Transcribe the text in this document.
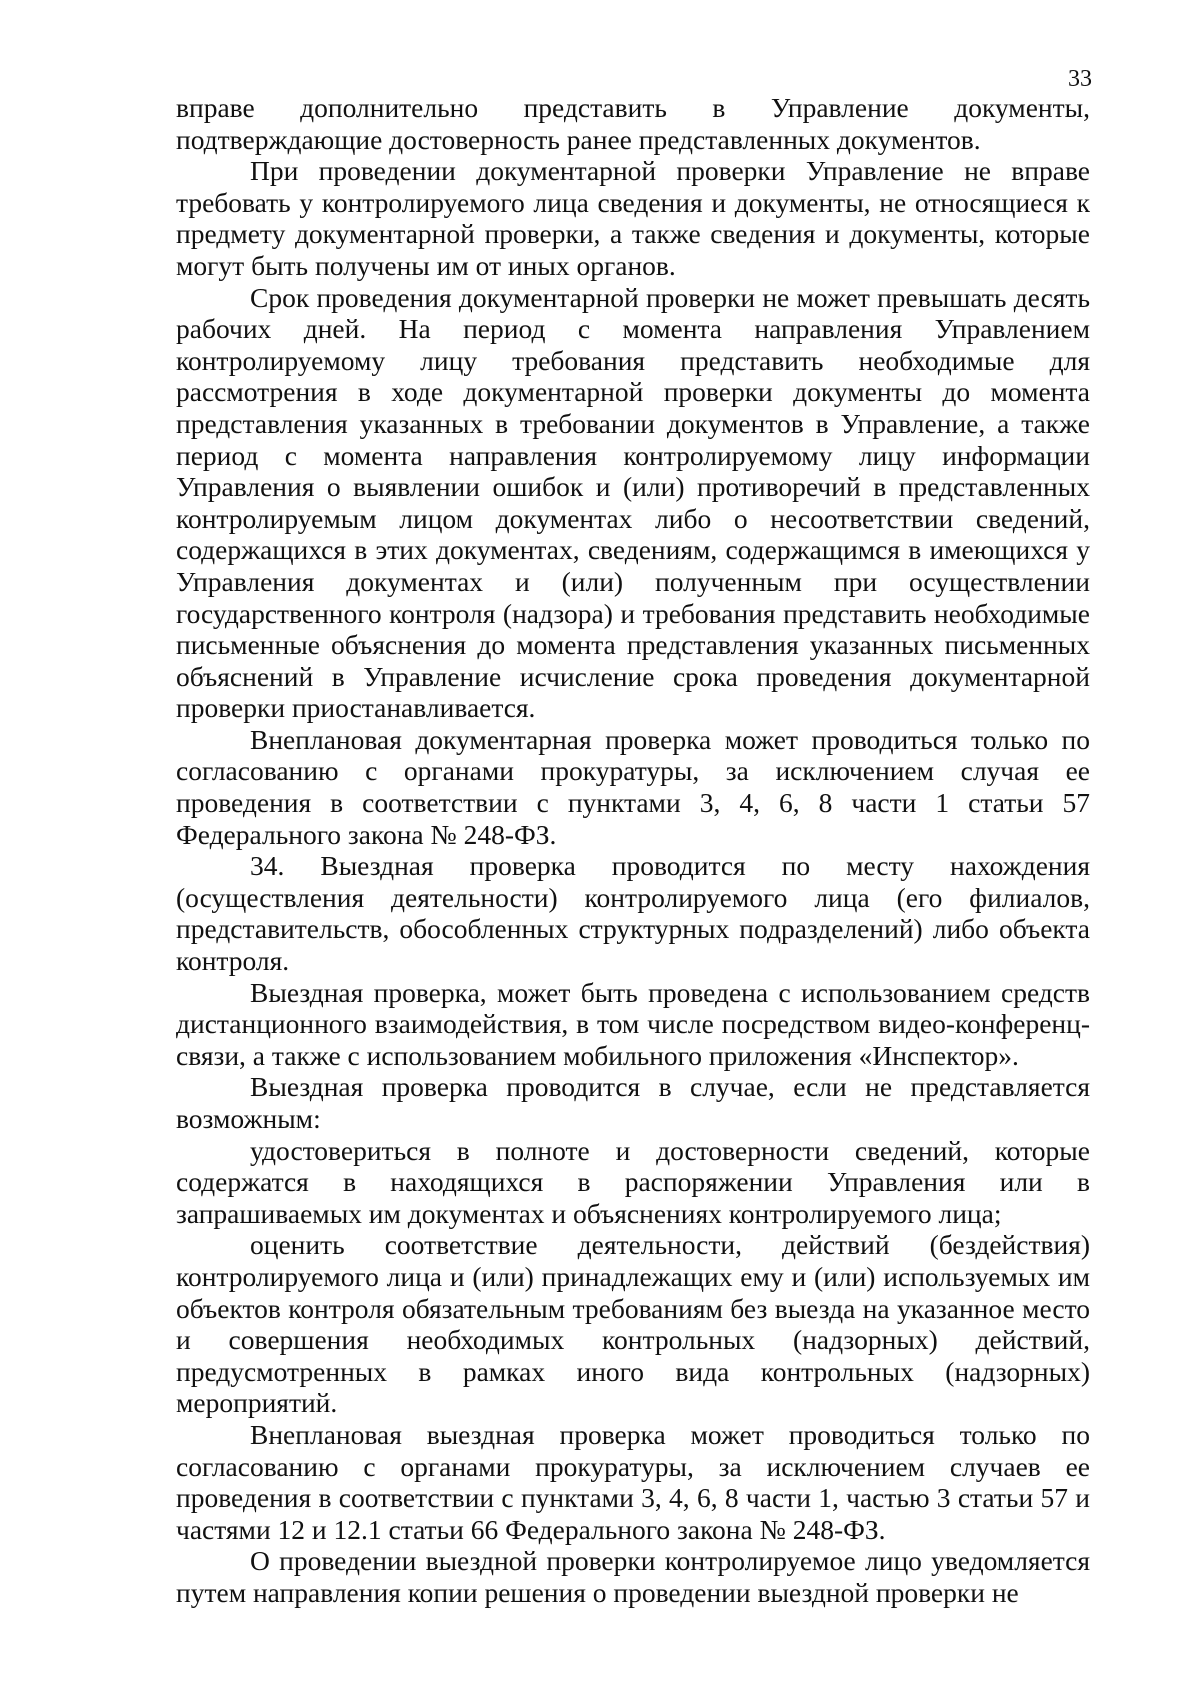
33

вправе дополнительно представить в Управление документы, подтверждающие достоверность ранее представленных документов.

При проведении документарной проверки Управление не вправе требовать у контролируемого лица сведения и документы, не относящиеся к предмету документарной проверки, а также сведения и документы, которые могут быть получены им от иных органов.

Срок проведения документарной проверки не может превышать десять рабочих дней. На период с момента направления Управлением контролируемому лицу требования представить необходимые для рассмотрения в ходе документарной проверки документы до момента представления указанных в требовании документов в Управление, а также период с момента направления контролируемому лицу информации Управления о выявлении ошибок и (или) противоречий в представленных контролируемым лицом документах либо о несоответствии сведений, содержащихся в этих документах, сведениям, содержащимся в имеющихся у Управления документах и (или) полученным при осуществлении государственного контроля (надзора) и требования представить необходимые письменные объяснения до момента представления указанных письменных объяснений в Управление исчисление срока проведения документарной проверки приостанавливается.

Внеплановая документарная проверка может проводиться только по согласованию с органами прокуратуры, за исключением случая ее проведения в соответствии с пунктами 3, 4, 6, 8 части 1 статьи 57 Федерального закона № 248-ФЗ.

34. Выездная проверка проводится по месту нахождения (осуществления деятельности) контролируемого лица (его филиалов, представительств, обособленных структурных подразделений) либо объекта контроля.

Выездная проверка, может быть проведена с использованием средств дистанционного взаимодействия, в том числе посредством видео-конференц-связи, а также с использованием мобильного приложения «Инспектор».

Выездная проверка проводится в случае, если не представляется возможным:

удостовериться в полноте и достоверности сведений, которые содержатся в находящихся в распоряжении Управления или в запрашиваемых им документах и объяснениях контролируемого лица;

оценить соответствие деятельности, действий (бездействия) контролируемого лица и (или) принадлежащих ему и (или) используемых им объектов контроля обязательным требованиям без выезда на указанное место и совершения необходимых контрольных (надзорных) действий, предусмотренных в рамках иного вида контрольных (надзорных) мероприятий.

Внеплановая выездная проверка может проводиться только по согласованию с органами прокуратуры, за исключением случаев ее проведения в соответствии с пунктами 3, 4, 6, 8 части 1, частью 3 статьи 57 и частями 12 и 12.1 статьи 66 Федерального закона № 248-ФЗ.

О проведении выездной проверки контролируемое лицо уведомляется путем направления копии решения о проведении выездной проверки не
